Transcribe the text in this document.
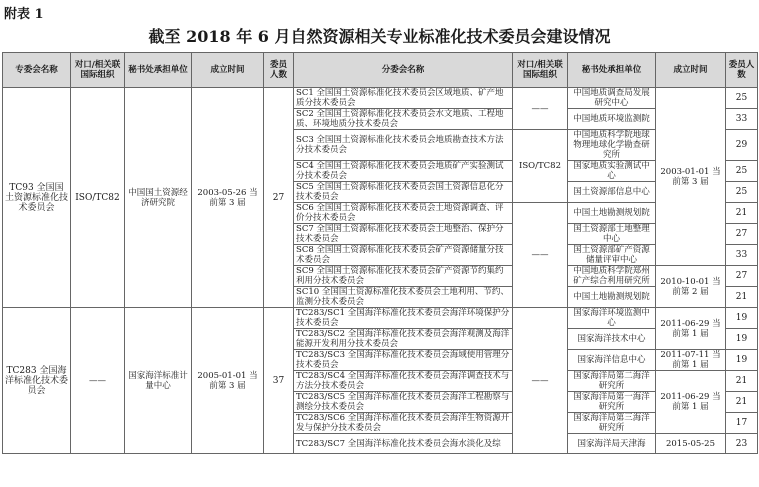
附表 1
截至 2018 年 6 月自然资源相关专业标准化技术委员会建设情况
专委会名称	对口/相关联国际组织	秘书处承担单位	成立时间	委员人数	分委会名称	对口/相关联国际组织	秘书处承担单位	成立时间	委员人数
TC93 全国国土资源标准化技术委员会	ISO/TC82	中国国土资源经济研究院	2003-05-26 当前第 3 届	27	SC1 全国国土资源标准化技术委员会区域地质、矿产地质分技术委员会	——	中国地质调查局发展研究中心	2003-01-01 当前第 3 届	25
					SC2 全国国土资源标准化技术委员会水文地质、工程地质、环境地质分技术委员会		中国地质环境监测院		33
					SC3 全国国土资源标准化技术委员会地质勘查技术方法分技术委员会	ISO/TC82	中国地质科学院地球物理地球化学勘查研究所		29
					SC4 全国国土资源标准化技术委员会地质矿产实验测试分技术委员会		国家地质实验测试中心		25
					SC5 全国国土资源标准化技术委员会国土资源信息化分技术委员会		国土资源部信息中心		25
					SC6 全国国土资源标准化技术委员会土地资源调查、评价分技术委员会	——	中国土地勘测规划院		21
					SC7 全国国土资源标准化技术委员会土地整治、保护分技术委员会		国土资源部土地整理中心		27
					SC8 全国国土资源标准化技术委员会矿产资源储量分技术委员会		国土资源部矿产资源储量评审中心		33
					SC9 全国国土资源标准化技术委员会矿产资源节约集约利用分技术委员会		中国地质科学院郑州矿产综合利用研究所	2010-10-01 当前第 2 届	27
					SC10 全国国土资源标准化技术委员会土地利用、节约、监测分技术委员会		中国土地勘测规划院		21
TC283 全国海洋标准化技术委员会	——	国家海洋标准计量中心	2005-01-01 当前第 3 届	37	TC283/SC1 全国海洋标准化技术委员会海洋环境保护分技术委员会	——	国家海洋环境监测中心	2011-06-29 当前第 1 届	19
					TC283/SC2 全国海洋标准化技术委员会海洋观测及海洋能源开发利用分技术委员会		国家海洋技术中心		19
					TC283/SC3 全国海洋标准化技术委员会海域使用管理分技术委员会		国家海洋信息中心	2011-07-11 当前第 1 届	19
					TC283/SC4 全国海洋标准化技术委员会海洋调查技术与方法分技术委员会		国家海洋局第二海洋研究所	2011-06-29 当前第 1 届	21
					TC283/SC5 全国海洋标准化技术委员会海洋工程勘察与测绘分技术委员会		国家海洋局第一海洋研究所		21
					TC283/SC6 全国海洋标准化技术委员会海洋生物资源开发与保护分技术委员会		国家海洋局第三海洋研究所		17
					TC283/SC7 全国海洋标准化技术委员会海水淡化及综		国家海洋局天津海	2015-05-25	23
